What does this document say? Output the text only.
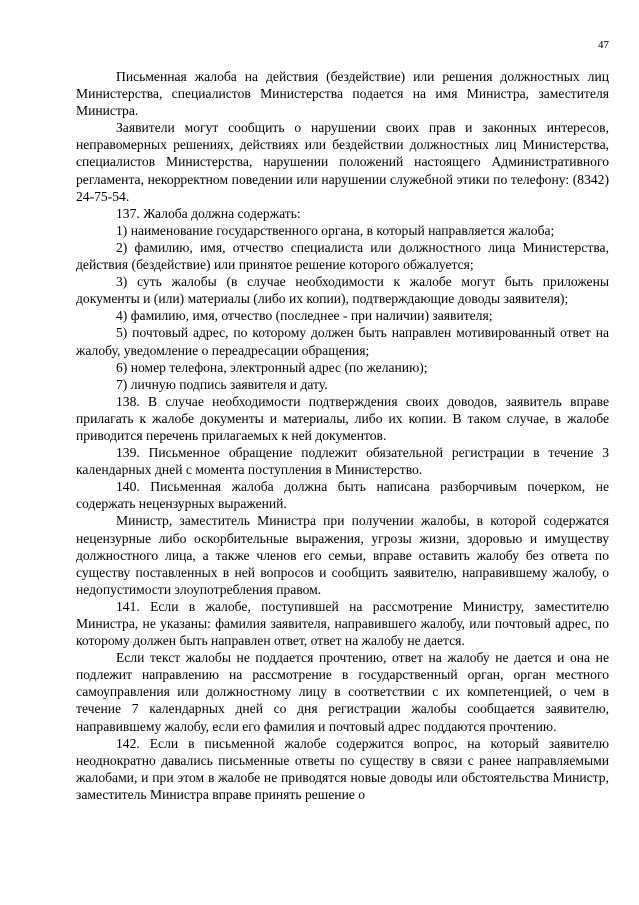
47

Письменная жалоба на действия (бездействие) или решения должностных лиц Министерства, специалистов Министерства подается на имя Министра, заместителя Министра.

Заявители могут сообщить о нарушении своих прав и законных интересов, неправомерных решениях, действиях или бездействии должностных лиц Министерства, специалистов Министерства, нарушении положений настоящего Административного регламента, некорректном поведении или нарушении служебной этики по телефону: (8342) 24-75-54.

137. Жалоба должна содержать:

1) наименование государственного органа, в который направляется жалоба;

2) фамилию, имя, отчество специалиста или должностного лица Министерства, действия (бездействие) или принятое решение которого обжалуется;

3) суть жалобы (в случае необходимости к жалобе могут быть приложены документы и (или) материалы (либо их копии), подтверждающие доводы заявителя);

4) фамилию, имя, отчество (последнее - при наличии) заявителя;

5) почтовый адрес, по которому должен быть направлен мотивированный ответ на жалобу, уведомление о переадресации обращения;

6) номер телефона, электронный адрес (по желанию);

7) личную подпись заявителя и дату.

138. В случае необходимости подтверждения своих доводов, заявитель вправе прилагать к жалобе документы и материалы, либо их копии. В таком случае, в жалобе приводится перечень прилагаемых к ней документов.

139. Письменное обращение подлежит обязательной регистрации в течение 3 календарных дней с момента поступления в Министерство.

140. Письменная жалоба должна быть написана разборчивым почерком, не содержать нецензурных выражений.

Министр, заместитель Министра при получении жалобы, в которой содержатся нецензурные либо оскорбительные выражения, угрозы жизни, здоровью и имуществу должностного лица, а также членов его семьи, вправе оставить жалобу без ответа по существу поставленных в ней вопросов и сообщить заявителю, направившему жалобу, о недопустимости злоупотребления правом.

141. Если в жалобе, поступившей на рассмотрение Министру, заместителю Министра, не указаны: фамилия заявителя, направившего жалобу, или почтовый адрес, по которому должен быть направлен ответ, ответ на жалобу не дается.

Если текст жалобы не поддается прочтению, ответ на жалобу не дается и она не подлежит направлению на рассмотрение в государственный орган, орган местного самоуправления или должностному лицу в соответствии с их компетенцией, о чем в течение 7 календарных дней со дня регистрации жалобы сообщается заявителю, направившему жалобу, если его фамилия и почтовый адрес поддаются прочтению.

142. Если в письменной жалобе содержится вопрос, на который заявителю неоднократно давались письменные ответы по существу в связи с ранее направляемыми жалобами, и при этом в жалобе не приводятся новые доводы или обстоятельства Министр, заместитель Министра вправе принять решение о
